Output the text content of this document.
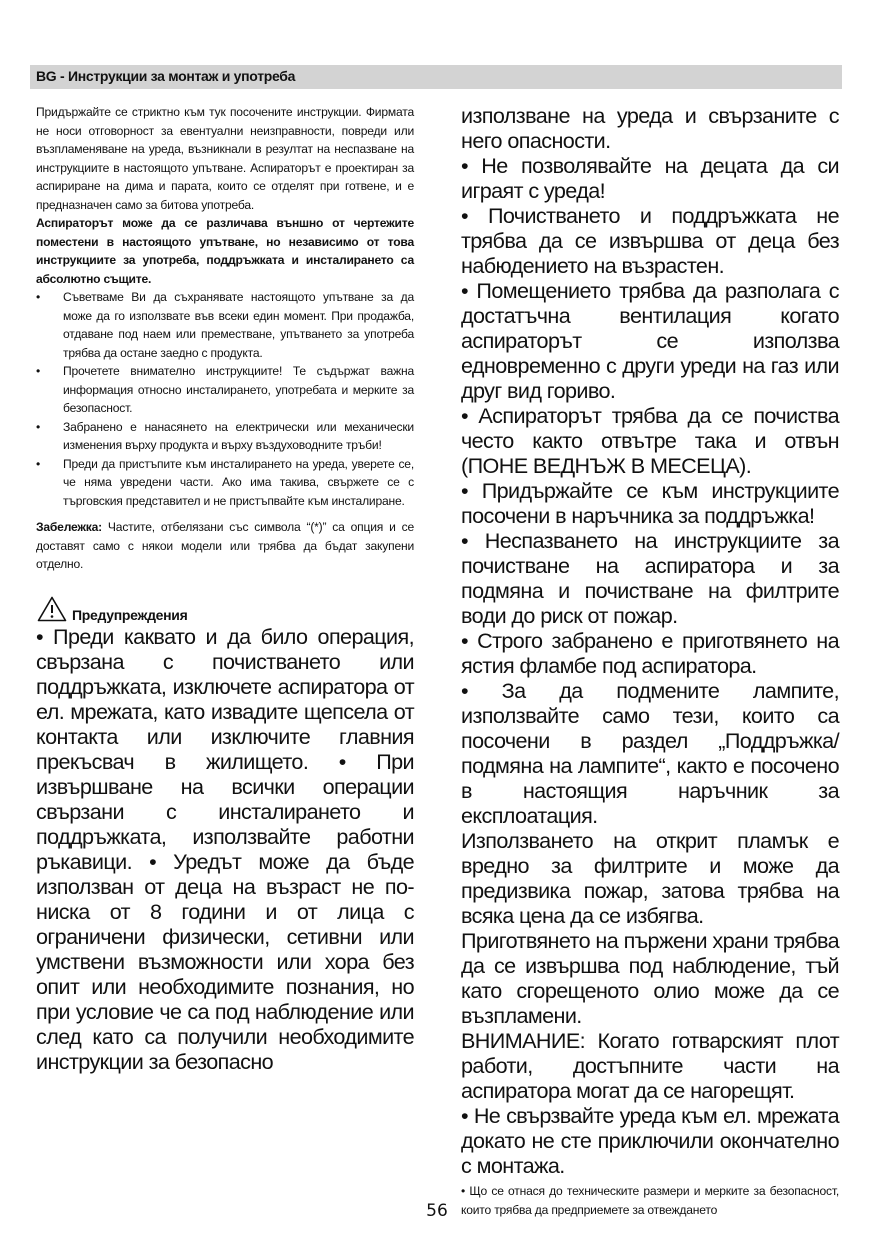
BG - Инструкции за монтаж и употреба

Придържайте се стриктно към тук посочените инструкции. Фирмата не носи отговорност за евентуални неизправности, повреди или възпламеняване на уреда, възникнали в резултат на неспазване на инструкциите в настоящото упътване. Аспираторът е проектиран за аспириране на дима и парата, които се отделят при готвене, и е предназначен само за битова употреба.

Аспираторът може да се различава външно от чертежите поместени в настоящото упътване, но независимо от това инструкциите за употреба, поддръжката и инсталирането са абсолютно същите.

• Съветваме Ви да съхранявате настоящото упътване за да може да го използвате във всеки един момент. При продажба, отдаване под наем или преместване, упътването за употреба трябва да остане заедно с продукта.
• Прочетете внимателно инструкциите! Те съдържат важна информация относно инсталирането, употребата и мерките за безопасност.
• Забранено е нанасянето на електрически или механически изменения върху продукта и върху въздуховодните тръби!
• Преди да пристъпите към инсталирането на уреда, уверете се, че няма увредени части. Ако има такива, свържете се с търговския представител и не пристъпвайте към инсталиране.

Забележка: Частите, отбелязани със символа “(*)” са опция и се доставят само с някои модели или трябва да бъдат закупени отделно.

Предупреждения

• Преди каквато и да било операция, свързана с почистването или поддръжката, изключете аспиратора от ел. мрежата, като извадите щепсела от контакта или изключите главния прекъсвач в жилището. • При извършване на всички операции свързани с инсталирането и поддръжката, използвайте работни ръкавици. • Уредът може да бъде използван от деца на възраст не по-ниска от 8 години и от лица с ограничени физически, сетивни или умствени възможности или хора без опит или необходимите познания, но при условие че са под наблюдение или след като са получили необходимите инструкции за безопасно

използване на уреда и свързаните с него опасности.

• Не позволявайте на децата да си играят с уреда!

• Почистването и поддръжката не трябва да се извършва от деца без набюдението на възрастен.

• Помещението трябва да разполага с достатъчна вентилация когато аспираторът се използва едновременно с други уреди на газ или друг вид гориво.

• Аспираторът трябва да се почиства често както отвътре така и отвън (ПОНЕ ВЕДНЪЖ В МЕСЕЦА).

• Придържайте се към инструкциите посочени в наръчника за поддръжка!

• Неспазването на инструкциите за почистване на аспиратора и за подмяна и почистване на филтрите води до риск от пожар.

• Строго забранено е приготвянето на ястия фламбе под аспиратора.

• За да подмените лампите, използвайте само тези, които са посочени в раздел „Поддръжка/подмяна на лампите“, както е посочено в настоящия наръчник за експлоатация.

Използването на открит пламък е вредно за филтрите и може да предизвика пожар, затова трябва на всяка цена да се избягва.

Приготвянето на пържени храни трябва да се извършва под наблюдение, тъй като сгорещеното олио може да се възпламени.

ВНИМАНИЕ: Когато готварският плот работи, достъпните части на аспиратора могат да се нагорещят.

• Не свързвайте уреда към ел. мрежата докато не сте приключили окончателно с монтажа.

• Що се отнася до техническите размери и мерките за безопасност, които трябва да предприемете за отвеждането

56
